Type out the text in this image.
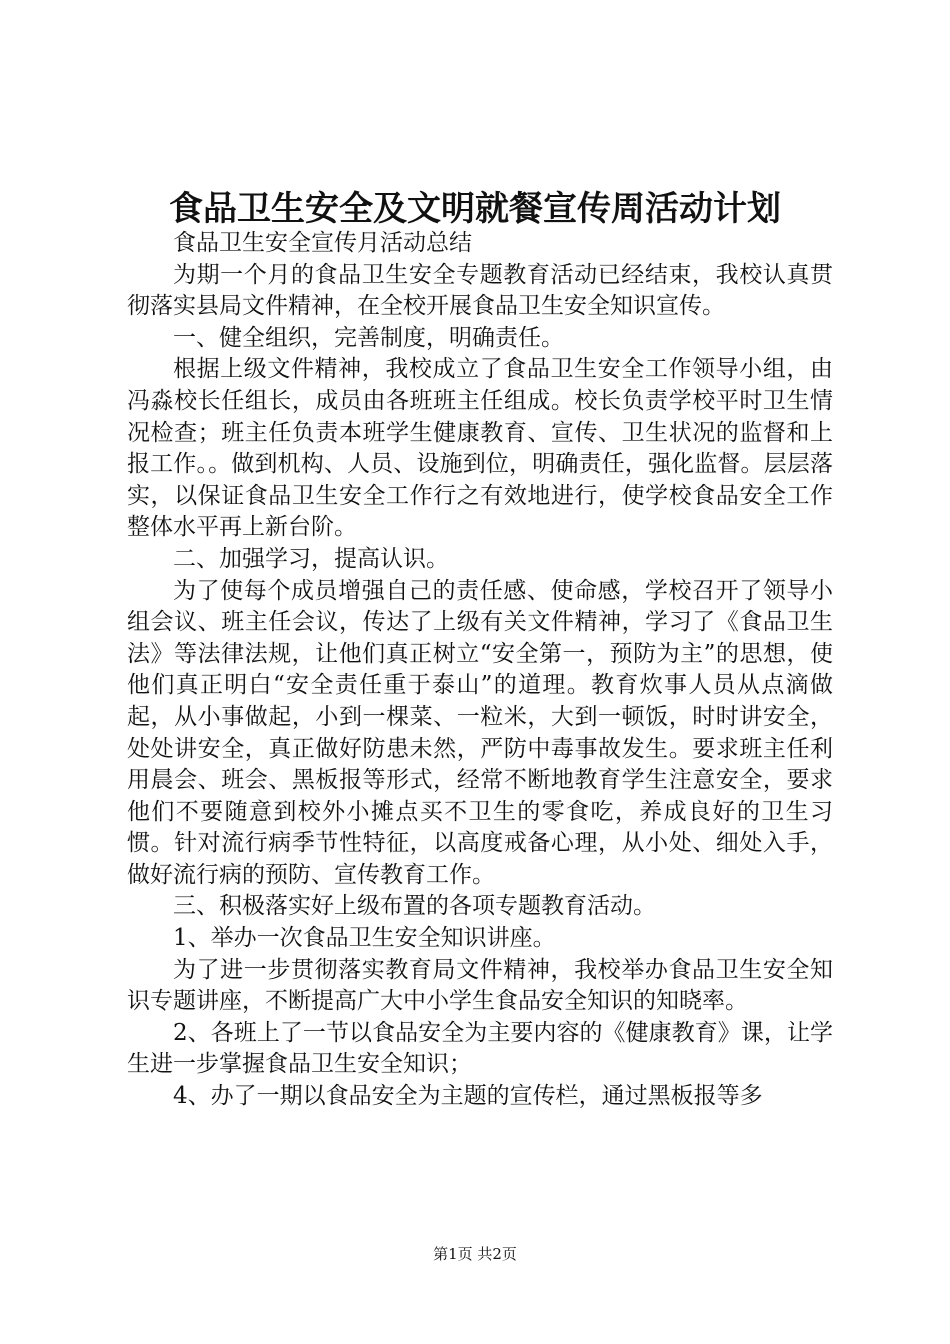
食品卫生安全及文明就餐宣传周活动计划

食品卫生安全宣传月活动总结

为期一个月的食品卫生安全专题教育活动已经结束，我校认真贯彻落实县局文件精神，在全校开展食品卫生安全知识宣传。

一、健全组织，完善制度，明确责任。

根据上级文件精神，我校成立了食品卫生安全工作领导小组，由冯淼校长任组长，成员由各班班主任组成。校长负责学校平时卫生情况检查；班主任负责本班学生健康教育、宣传、卫生状况的监督和上报工作。。做到机构、人员、设施到位，明确责任，强化监督。层层落实，以保证食品卫生安全工作行之有效地进行，使学校食品安全工作整体水平再上新台阶。

二、加强学习，提高认识。

为了使每个成员增强自己的责任感、使命感，学校召开了领导小组会议、班主任会议，传达了上级有关文件精神，学习了《食品卫生法》等法律法规，让他们真正树立“安全第一，预防为主”的思想，使他们真正明白“安全责任重于泰山”的道理。教育炊事人员从点滴做起，从小事做起，小到一棵菜、一粒米，大到一顿饭，时时讲安全，处处讲安全，真正做好防患未然，严防中毒事故发生。要求班主任利用晨会、班会、黑板报等形式，经常不断地教育学生注意安全，要求他们不要随意到校外小摊点买不卫生的零食吃，养成良好的卫生习惯。针对流行病季节性特征，以高度戒备心理，从小处、细处入手，做好流行病的预防、宣传教育工作。

三、积极落实好上级布置的各项专题教育活动。

1、举办一次食品卫生安全知识讲座。

为了进一步贯彻落实教育局文件精神，我校举办食品卫生安全知识专题讲座，不断提高广大中小学生食品安全知识的知晓率。

2、各班上了一节以食品安全为主要内容的《健康教育》课，让学生进一步掌握食品卫生安全知识；

4、办了一期以食品安全为主题的宣传栏，通过黑板报等多

第1页 共2页
